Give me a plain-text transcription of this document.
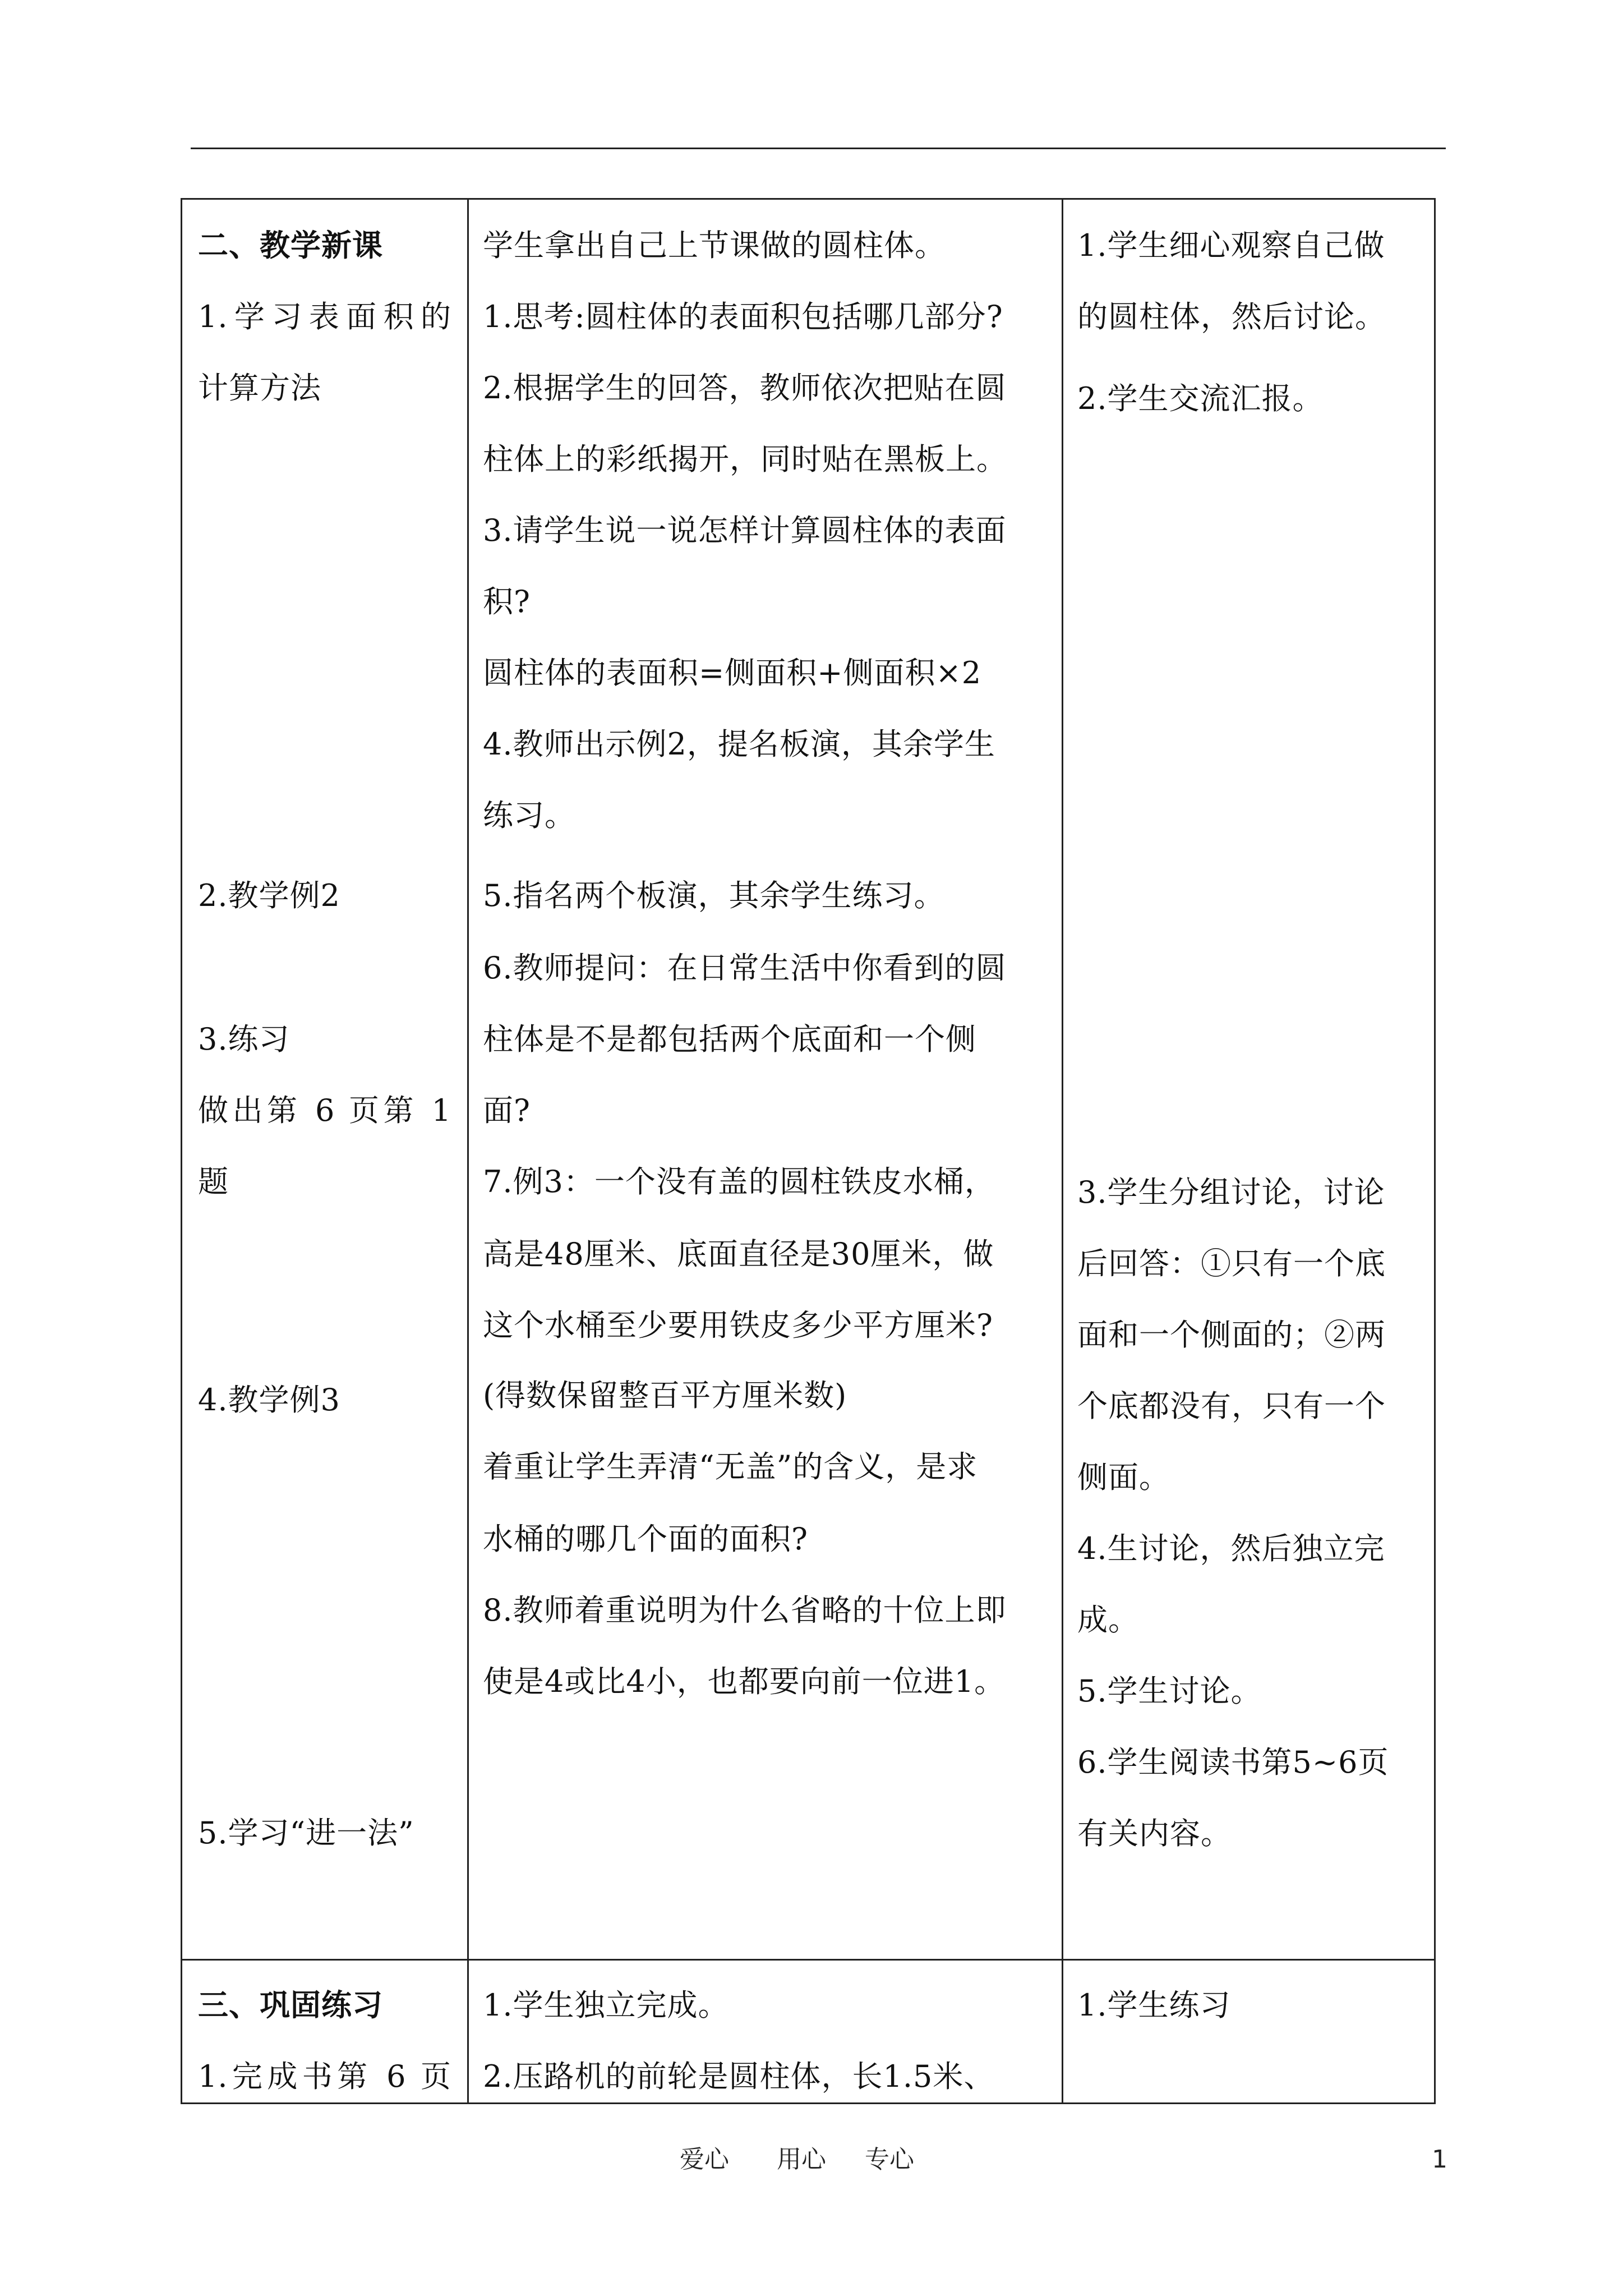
二、教学新课
1.学习表面积的
计算方法
2.教学例2
3.练习
做出第 6 页第 1
题
4.教学例3
5.学习“进一法”
学生拿出自己上节课做的圆柱体。
1.思考:圆柱体的表面积包括哪几部分?
2.根据学生的回答，教师依次把贴在圆
柱体上的彩纸揭开，同时贴在黑板上。
3.请学生说一说怎样计算圆柱体的表面
积?
圆柱体的表面积=侧面积+侧面积×2
4.教师出示例2，提名板演，其余学生
练习。
5.指名两个板演，其余学生练习。
6.教师提问：在日常生活中你看到的圆
柱体是不是都包括两个底面和一个侧
面?
7.例3：一个没有盖的圆柱铁皮水桶，
高是48厘米、底面直径是30厘米，做
这个水桶至少要用铁皮多少平方厘米?
(得数保留整百平方厘米数)
着重让学生弄清“无盖”的含义，是求
水桶的哪几个面的面积?
8.教师着重说明为什么省略的十位上即
使是4或比4小，也都要向前一位进1。
1.学生细心观察自己做
的圆柱体，然后讨论。
2.学生交流汇报。
3.学生分组讨论，讨论
后回答：①只有一个底
面和一个侧面的；②两
个底都没有，只有一个
侧面。
4.生讨论，然后独立完
成。
5.学生讨论。
6.学生阅读书第5~6页
有关内容。
三、巩固练习
1.完成书第 6 页
1.学生独立完成。
2.压路机的前轮是圆柱体，长1.5米、
1.学生练习
爱心 用心 专心	1
